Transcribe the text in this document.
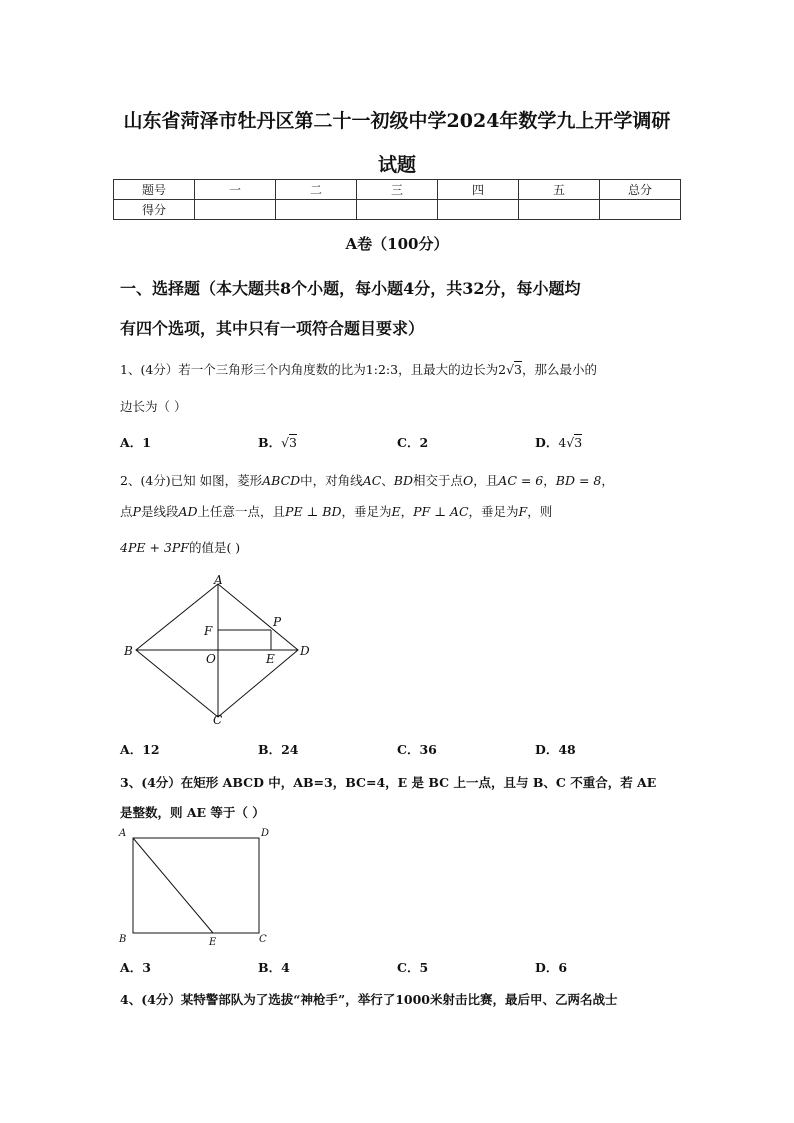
山东省菏泽市牡丹区第二十一初级中学2024年数学九上开学调研
试题
题号	一	二	三	四	五	总分
得分						
A卷（100分）
一、选择题（本大题共8个小题，每小题4分，共32分，每小题均
有四个选项，其中只有一项符合题目要求）
1、(4分）若一个三角形三个内角度数的比为1:2:3，且最大的边长为2√3，那么最小的
边长为（ ）
A．1	B．√3	C．2	D．4√3
2、(4分)已知 如图，菱形ABCD中，对角线AC、BD相交于点O，且AC = 6，BD = 8，
点P是线段AD上任意一点，且PE ⊥ BD，垂足为E，PF ⊥ AC，垂足为F，则
4PE + 3PF的值是( )
A
B
C
D
O
P
E
F
A．12	B．24	C．36	D．48
3、(4分）在矩形 ABCD 中，AB=3，BC=4，E 是 BC 上一点，且与 B、C 不重合，若 AE
是整数，则 AE 等于（ ）
A	D
B	E	C
A．3	B．4	C．5	D．6
4、(4分）某特警部队为了选拔“神枪手”，举行了1000米射击比赛，最后甲、乙两名战士
